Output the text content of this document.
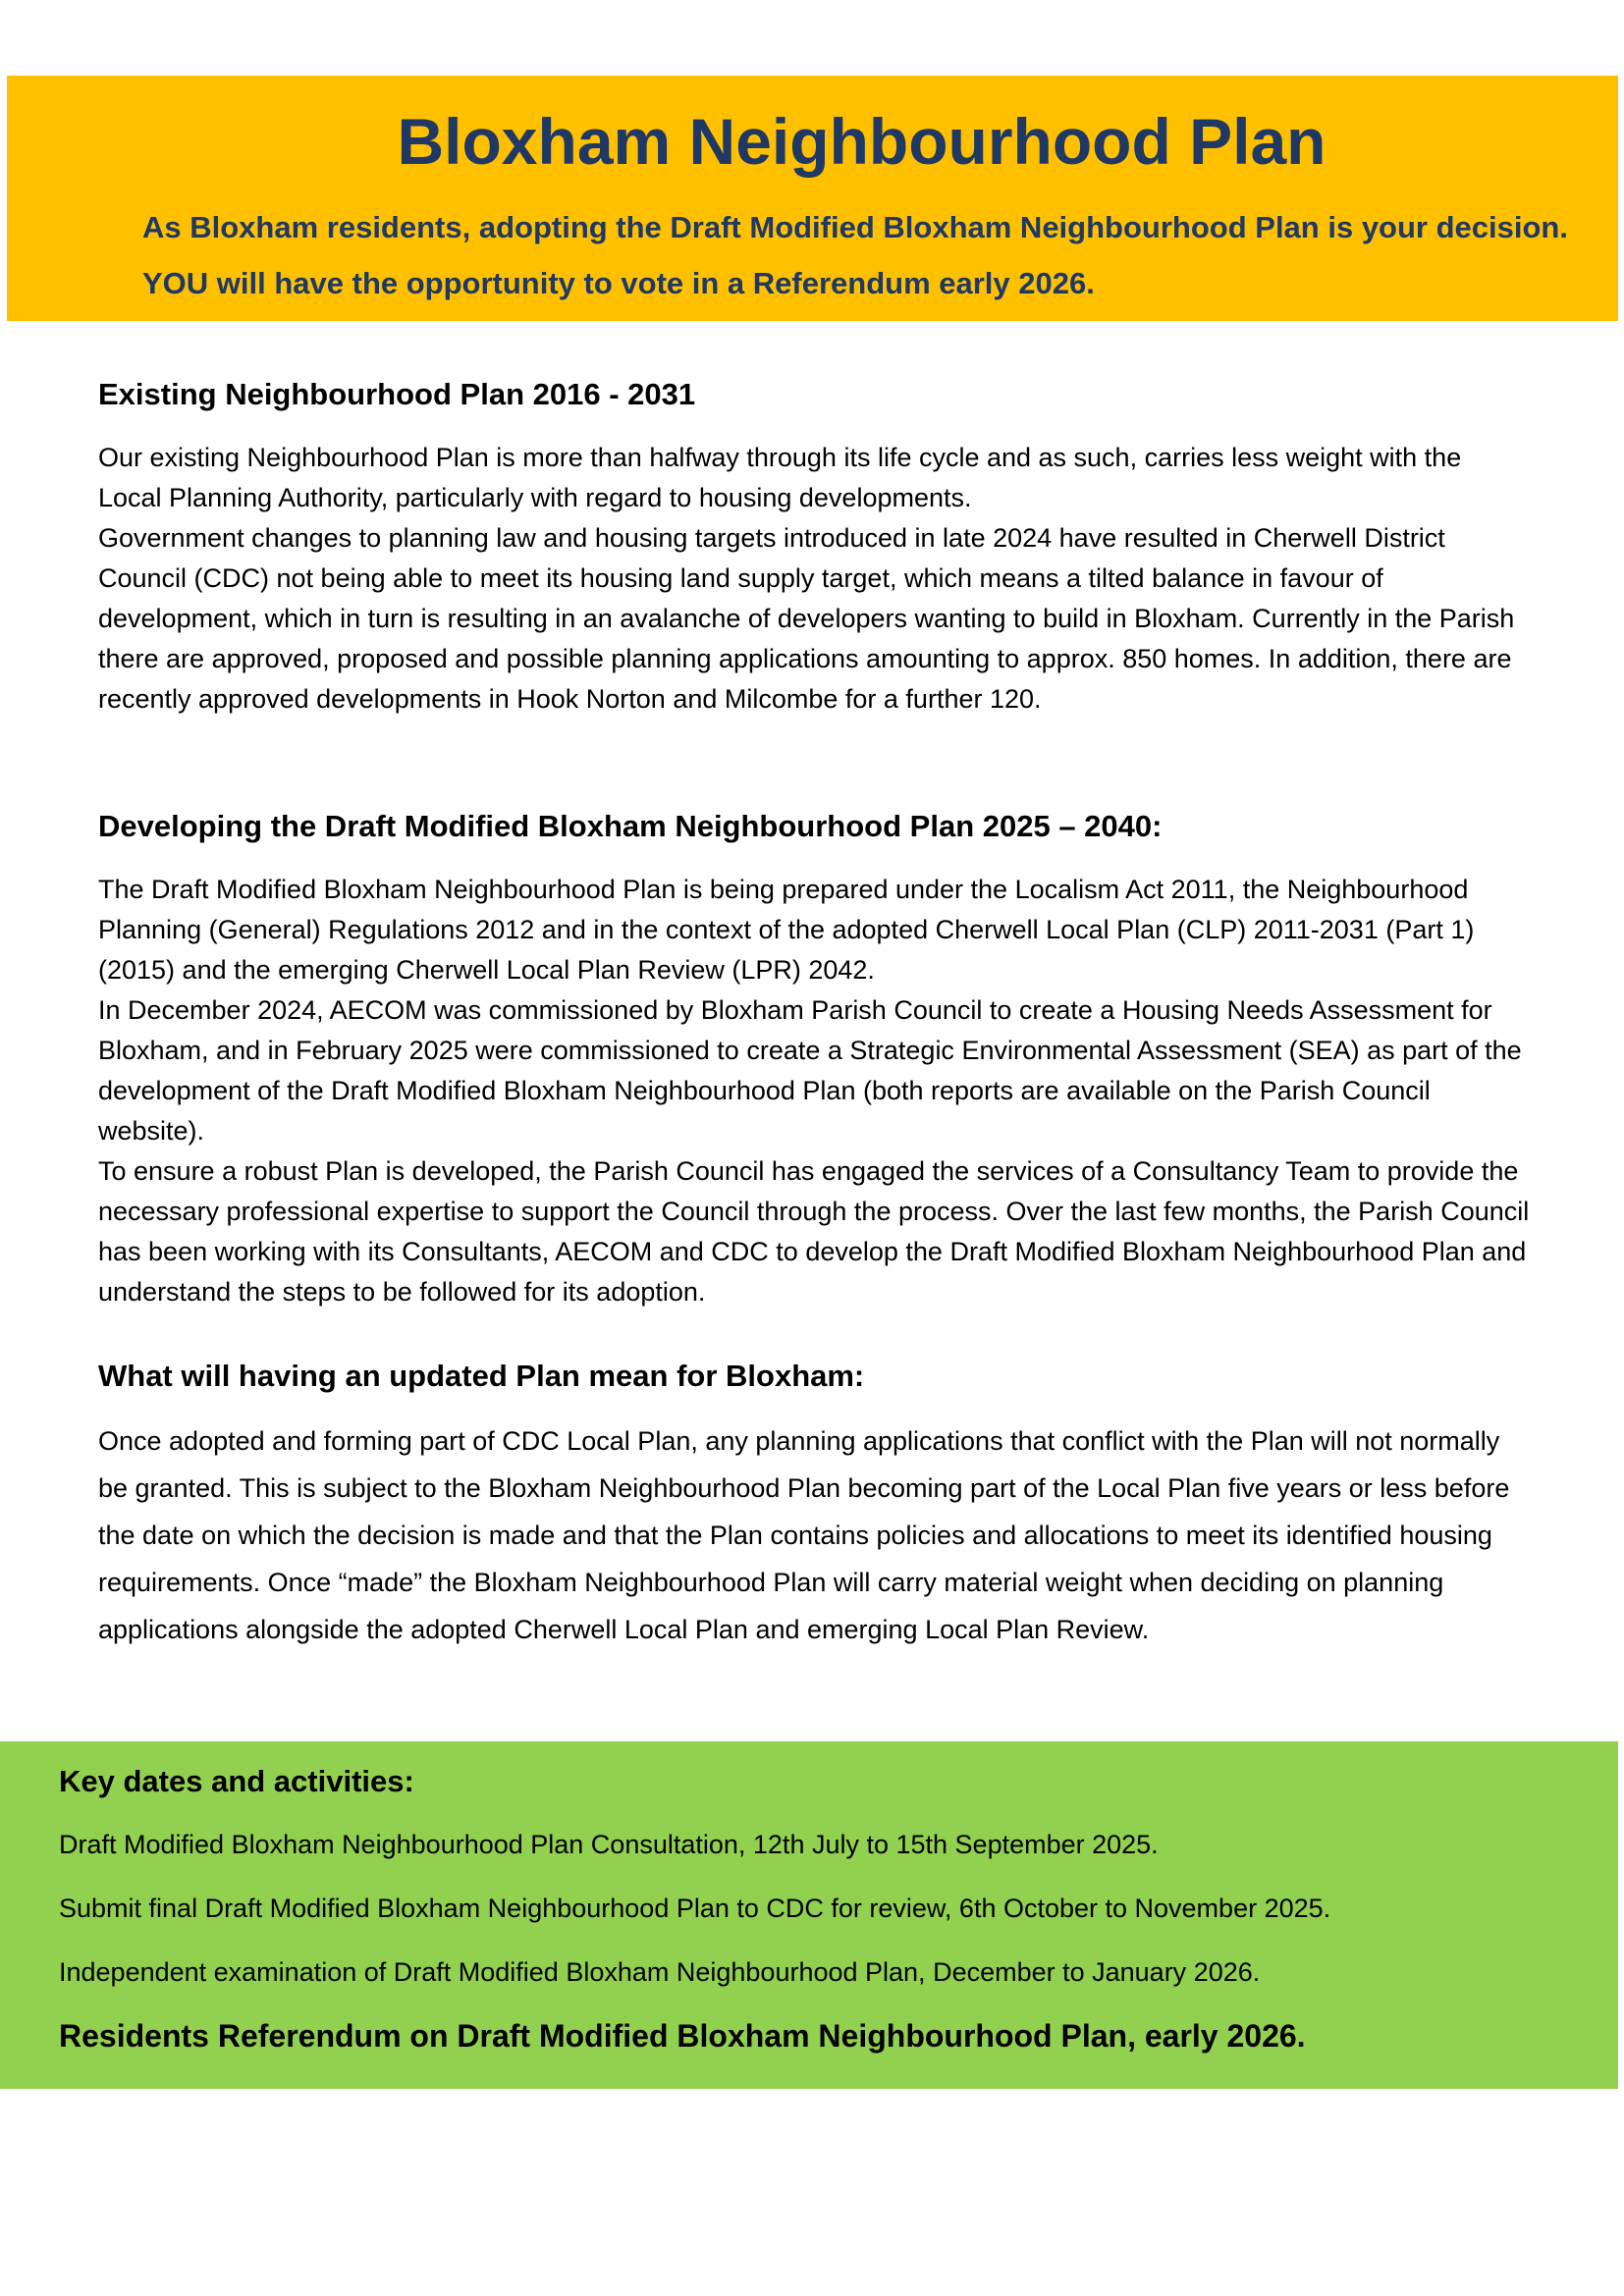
Bloxham Neighbourhood Plan
As Bloxham residents, adopting the Draft Modified Bloxham Neighbourhood Plan is your decision. YOU will have the opportunity to vote in a Referendum early 2026.
Existing Neighbourhood Plan 2016 - 2031

Our existing Neighbourhood Plan is more than halfway through its life cycle and as such, carries less weight with the Local Planning Authority, particularly with regard to housing developments.

Government changes to planning law and housing targets introduced in late 2024 have resulted in Cherwell District Council (CDC) not being able to meet its housing land supply target, which means a tilted balance in favour of development, which in turn is resulting in an avalanche of developers wanting to build in Bloxham. Currently in the Parish there are approved, proposed and possible planning applications amounting to approx. 850 homes. In addition, there are recently approved developments in Hook Norton and Milcombe for a further 120.

Developing the Draft Modified Bloxham Neighbourhood Plan 2025 – 2040:

The Draft Modified Bloxham Neighbourhood Plan is being prepared under the Localism Act 2011, the Neighbourhood Planning (General) Regulations 2012 and in the context of the adopted Cherwell Local Plan (CLP) 2011-2031 (Part 1) (2015) and the emerging Cherwell Local Plan Review (LPR) 2042.

In December 2024, AECOM was commissioned by Bloxham Parish Council to create a Housing Needs Assessment for Bloxham, and in February 2025 were commissioned to create a Strategic Environmental Assessment (SEA) as part of the development of the Draft Modified Bloxham Neighbourhood Plan (both reports are available on the Parish Council website).

To ensure a robust Plan is developed, the Parish Council has engaged the services of a Consultancy Team to provide the necessary professional expertise to support the Council through the process. Over the last few months, the Parish Council has been working with its Consultants, AECOM and CDC to develop the Draft Modified Bloxham Neighbourhood Plan and understand the steps to be followed for its adoption.

What will having an updated Plan mean for Bloxham:

Once adopted and forming part of CDC Local Plan, any planning applications that conflict with the Plan will not normally be granted. This is subject to the Bloxham Neighbourhood Plan becoming part of the Local Plan five years or less before the date on which the decision is made and that the Plan contains policies and allocations to meet its identified housing requirements. Once “made” the Bloxham Neighbourhood Plan will carry material weight when deciding on planning applications alongside the adopted Cherwell Local Plan and emerging Local Plan Review.

Key dates and activities:

Draft Modified Bloxham Neighbourhood Plan Consultation, 12th July to 15th September 2025.

Submit final Draft Modified Bloxham Neighbourhood Plan to CDC for review, 6th October to November 2025.

Independent examination of Draft Modified Bloxham Neighbourhood Plan, December to January 2026.

Residents Referendum on Draft Modified Bloxham Neighbourhood Plan, early 2026.
